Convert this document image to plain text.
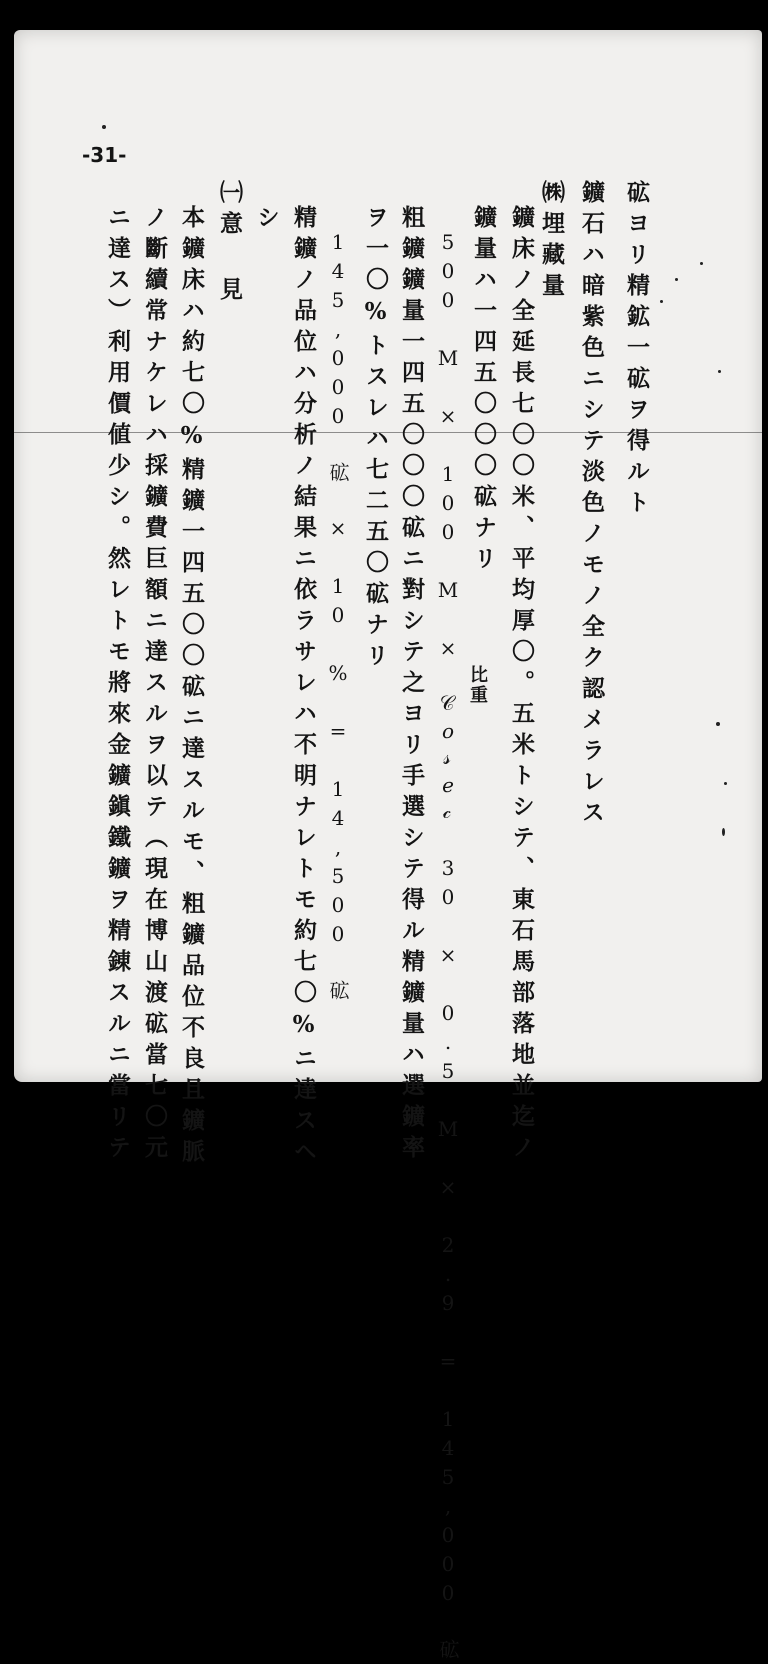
砿ヨリ精鉱一砿ヲ得ルト
鑛石ハ暗紫色ニシテ淡色ノモノ全ク認メラレス
㈱埋藏量
鑛床ノ全延長七〇〇米、平均厚〇。五米トシテ、東石馬部落地並迄ノ
鑛量ハ一四五〇〇〇砿ナリ
500 M × 100 M × 𝒞𝑜𝓈𝑒𝒸 30 × 0.5 M × 2.9 = 145,000 砿 比重
粗鑛鑛量一四五〇〇〇砿ニ對シテ之ヨリ手選シテ得ル精鑛量ハ選鑛率
ヲ一〇%トスレハ七二五〇砿ナリ
145,000 砿 × 10 % = 14,500 砿
精鑛ノ品位ハ分析ノ結果ニ依ラサレハ不明ナレトモ約七〇%ニ達スヘ
シ
㈠意 見
本鑛床ハ約七〇%精鑛一四五〇〇砿ニ達スルモ、粗鑛品位不良且鑛脈
ノ斷續常ナケレハ採鑛費巨額ニ達スルヲ以テ（現在博山渡砿當七〇元
ニ達ス）利用價値少シ。然レトモ將來金鑛鎭鐵鑛ヲ精錬スルニ當リテ
-31-
